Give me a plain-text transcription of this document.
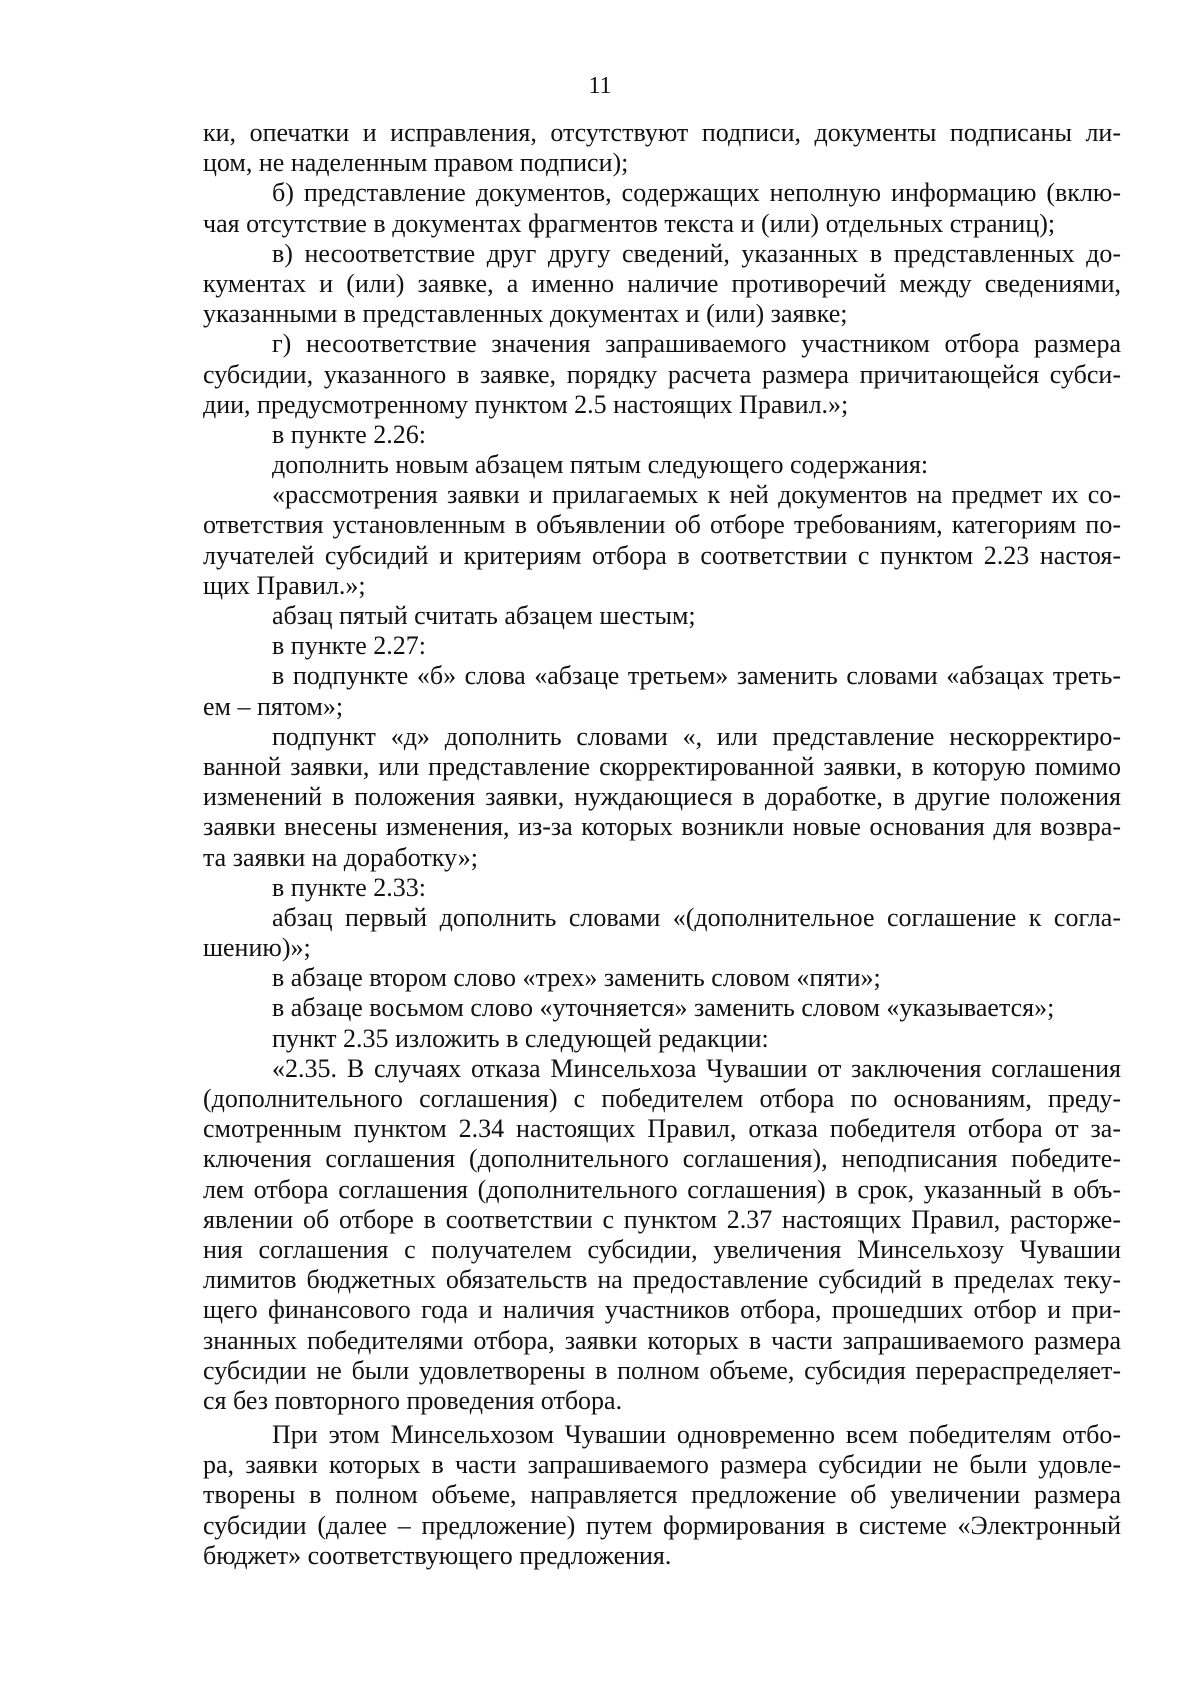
11
ки, опечатки и исправления, отсутствуют подписи, документы подписаны ли-
цом, не наделенным правом подписи);
б) представление документов, содержащих неполную информацию (вклю-
чая отсутствие в документах фрагментов текста и (или) отдельных страниц);
в) несоответствие друг другу сведений, указанных в представленных до-
кументах и (или) заявке, а именно наличие противоречий между сведениями,
указанными в представленных документах и (или) заявке;
г) несоответствие значения запрашиваемого участником отбора размера
субсидии, указанного в заявке, порядку расчета размера причитающейся субси-
дии, предусмотренному пунктом 2.5 настоящих Правил.»;
в пункте 2.26:
дополнить новым абзацем пятым следующего содержания:
«рассмотрения заявки и прилагаемых к ней документов на предмет их со-
ответствия установленным в объявлении об отборе требованиям, категориям по-
лучателей субсидий и критериям отбора в соответствии с пунктом 2.23 настоя-
щих Правил.»;
абзац пятый считать абзацем шестым;
в пункте 2.27:
в подпункте «б» слова «абзаце третьем» заменить словами «абзацах треть-
ем – пятом»;
подпункт «д» дополнить словами «, или представление нескорректиро-
ванной заявки, или представление скорректированной заявки, в которую помимо
изменений в положения заявки, нуждающиеся в доработке, в другие положения
заявки внесены изменения, из-за которых возникли новые основания для возвра-
та заявки на доработку»;
в пункте 2.33:
абзац первый дополнить словами «(дополнительное соглашение к согла-
шению)»;
в абзаце втором слово «трех» заменить словом «пяти»;
в абзаце восьмом слово «уточняется» заменить словом «указывается»;
пункт 2.35 изложить в следующей редакции:
«2.35. В случаях отказа Минсельхоза Чувашии от заключения соглашения
(дополнительного соглашения) с победителем отбора по основаниям, преду-
смотренным пунктом 2.34 настоящих Правил, отказа победителя отбора от за-
ключения соглашения (дополнительного соглашения), неподписания победите-
лем отбора соглашения (дополнительного соглашения) в срок, указанный в объ-
явлении об отборе в соответствии с пунктом 2.37 настоящих Правил, расторже-
ния соглашения с получателем субсидии, увеличения Минсельхозу Чувашии
лимитов бюджетных обязательств на предоставление субсидий в пределах теку-
щего финансового года и наличия участников отбора, прошедших отбор и при-
знанных победителями отбора, заявки которых в части запрашиваемого размера
субсидии не были удовлетворены в полном объеме, субсидия перераспределяет-
ся без повторного проведения отбора.
При этом Минсельхозом Чувашии одновременно всем победителям отбо-
ра, заявки которых в части запрашиваемого размера субсидии не были удовле-
творены в полном объеме, направляется предложение об увеличении размера
субсидии (далее – предложение) путем формирования в системе «Электронный
бюджет» соответствующего предложения.
